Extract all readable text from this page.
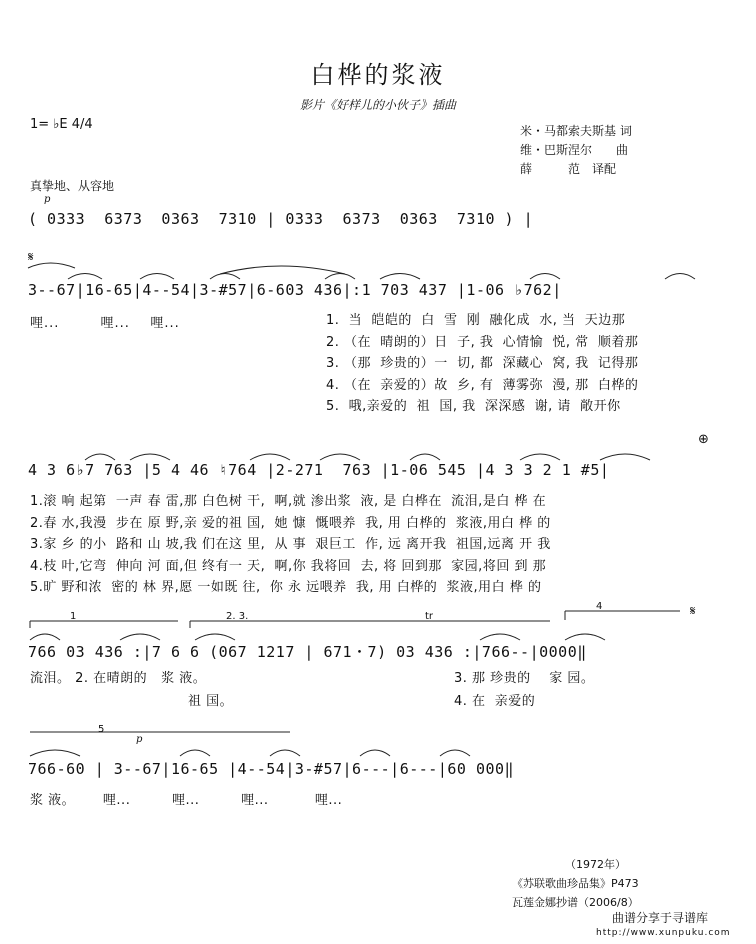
白桦的浆液
影片《好样儿的小伙子》插曲
1= ♭E 4/4	米・马都索夫斯基 词
维・巴斯涅尔　　曲
薛　　　范　译配
真挚地、从容地
p
( 0333  6373  0363  7310 | 0333  6373  0363  7310 ) |
𝄋
3--67|16-65|4--54|3-#57|6-603 436|:1 703 437 |1-06 ♭762|
哩...        哩...    哩...	1.  当  皑皑的  白  雪  刚  融化成  水, 当  天边那
2. （在  晴朗的）日  子, 我  心情愉  悦, 常  顺着那
3. （那  珍贵的）一  切, 都  深藏心  窝, 我  记得那
4. （在  亲爱的）故  乡, 有  薄雾弥  漫, 那  白桦的
5.  哦,亲爱的  祖  国, 我  深深感  谢, 请  敞开你
⊕
4 3 6♭7 763 |5 4 46 ♮764 |2-271  763 |1-06 545 |4 3 3 2 1 #5|
1.滚 响 起第  一声 春 雷,那 白色树 干,  啊,就 渗出浆  液, 是 白桦在  流泪,是白 桦 在
2.春 水,我漫  步在 原 野,亲 爱的祖 国,  她 慷  慨喂养  我, 用 白桦的  浆液,用白 桦 的
3.家 乡 的小  路和 山 坡,我 们在这 里,  从 事  艰巨工  作, 远 离开我  祖国,远离 开 我
4.枝 叶,它弯  伸向 河 面,但 终有一 天,  啊,你 我将回  去, 将 回到那  家园,将回 到 那
5.旷 野和浓  密的 林 界,愿 一如既 往,  你 永 远喂养  我, 用 白桦的  浆液,用白 桦 的
1	2. 3.	tr
4	𝄋
766 03 436 :|7 6 6 (067 1217 | 671・7) 03 436 :|766--|0000‖
流泪。 2. 在晴朗的   浆 液。
祖 国。
3. 那 珍贵的    家 园。
4. 在  亲爱的
5
p
766-60 | 3--67|16-65 |4--54|3-#57|6---|6---|60 000‖
浆 液。      哩...         哩...         哩...          哩...
（1972年）
《苏联歌曲珍品集》P473
瓦莲金娜抄谱（2006/8）
曲谱分享于寻谱库
http://www.xunpuku.com
